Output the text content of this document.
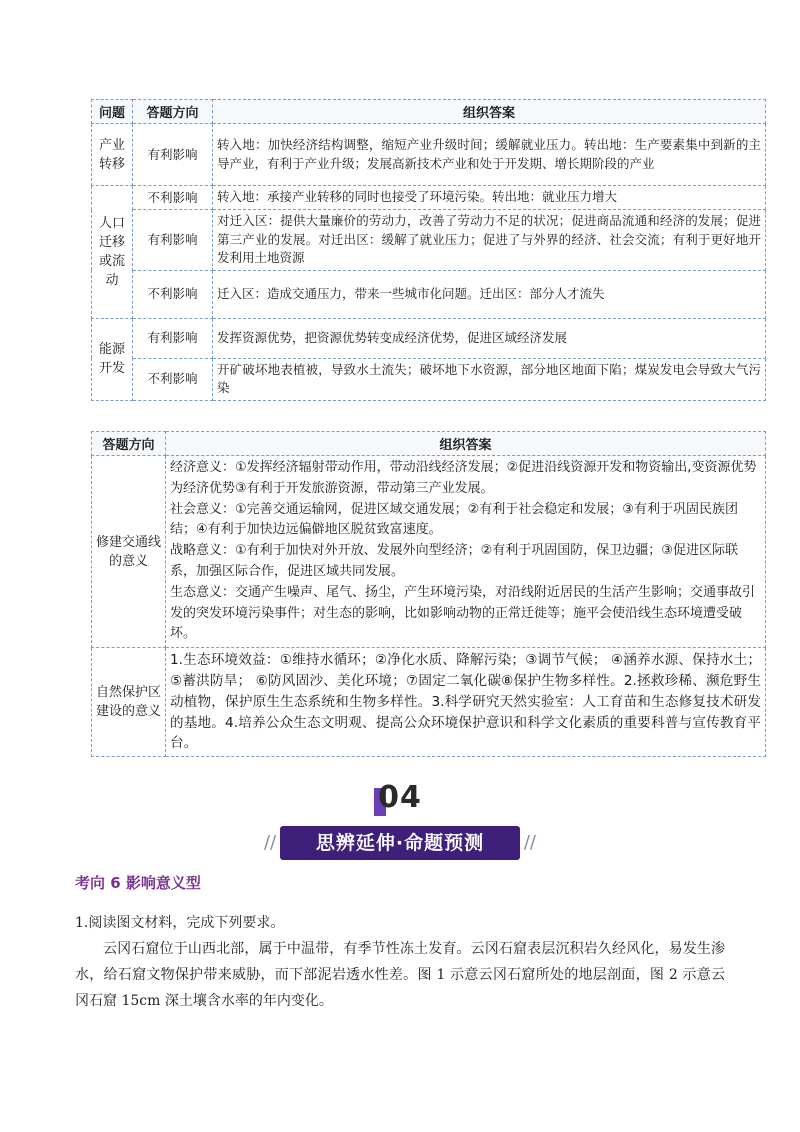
问题	答题方向	组织答案
产业转移	有利影响	转入地：加快经济结构调整，缩短产业升级时间；缓解就业压力。转出地：生产要素集中到新的主导产业，有利于产业升级；发展高新技术产业和处于开发期、增长期阶段的产业
人口迁移或流动	不利影响	转入地：承接产业转移的同时也接受了环境污染。转出地：就业压力增大
	有利影响	对迁入区：提供大量廉价的劳动力，改善了劳动力不足的状况；促进商品流通和经济的发展；促进第三产业的发展。对迁出区：缓解了就业压力；促进了与外界的经济、社会交流；有利于更好地开发利用土地资源
	不利影响	迁入区：造成交通压力，带来一些城市化问题。迁出区：部分人才流失
能源开发	有利影响	发挥资源优势，把资源优势转变成经济优势，促进区域经济发展
	不利影响	开矿破坏地表植被，导致水土流失；破坏地下水资源，部分地区地面下陷；煤炭发电会导致大气污染
答题方向	组织答案
修建交通线的意义	经济意义：①发挥经济辐射带动作用，带动沿线经济发展；②促进沿线资源开发和物资输出,变资源优势为经济优势③有利于开发旅游资源，带动第三产业发展。

社会意义：①完善交通运输网，促进区域交通发展；②有利于社会稳定和发展；③有利于巩固民族团结；④有利于加快边远偏僻地区脱贫致富速度。

战略意义：①有利于加快对外开放、发展外向型经济；②有利于巩固国防，保卫边疆；③促进区际联系，加强区际合作，促进区域共同发展。

生态意义：交通产生噪声、尾气、扬尘，产生环境污染，对沿线附近居民的生活产生影响；交通事故引发的突发环境污染事件；对生态的影响，比如影响动物的正常迁徙等；施平会使沿线生态环境遭受破坏。

自然保护区建设的意义	1.生态环境效益：①维持水循环；②净化水质、降解污染；③调节气候； ④涵养水源、保持水土；⑤蓄洪防旱； ⑥防风固沙、美化环境；⑦固定二氧化碳⑧保护生物多样性。2.拯救珍稀、濒危野生动植物，保护原生生态系统和生物多样性。3.科学研究天然实验室：人工育苗和生态修复技术研发的基地。4.培养公众生态文明观、提高公众环境保护意识和科学文化素质的重要科普与宣传教育平台。
04
思辨延伸·命题预测
//	//
考向 6 影响意义型
1.阅读图文材料，完成下列要求。
云冈石窟位于山西北部，属于中温带，有季节性冻土发育。云冈石窟表层沉积岩久经风化，易发生渗水，给石窟文物保护带来威胁，而下部泥岩透水性差。图 1 示意云冈石窟所处的地层剖面，图 2 示意云冈石窟 15cm 深土壤含水率的年内变化。
